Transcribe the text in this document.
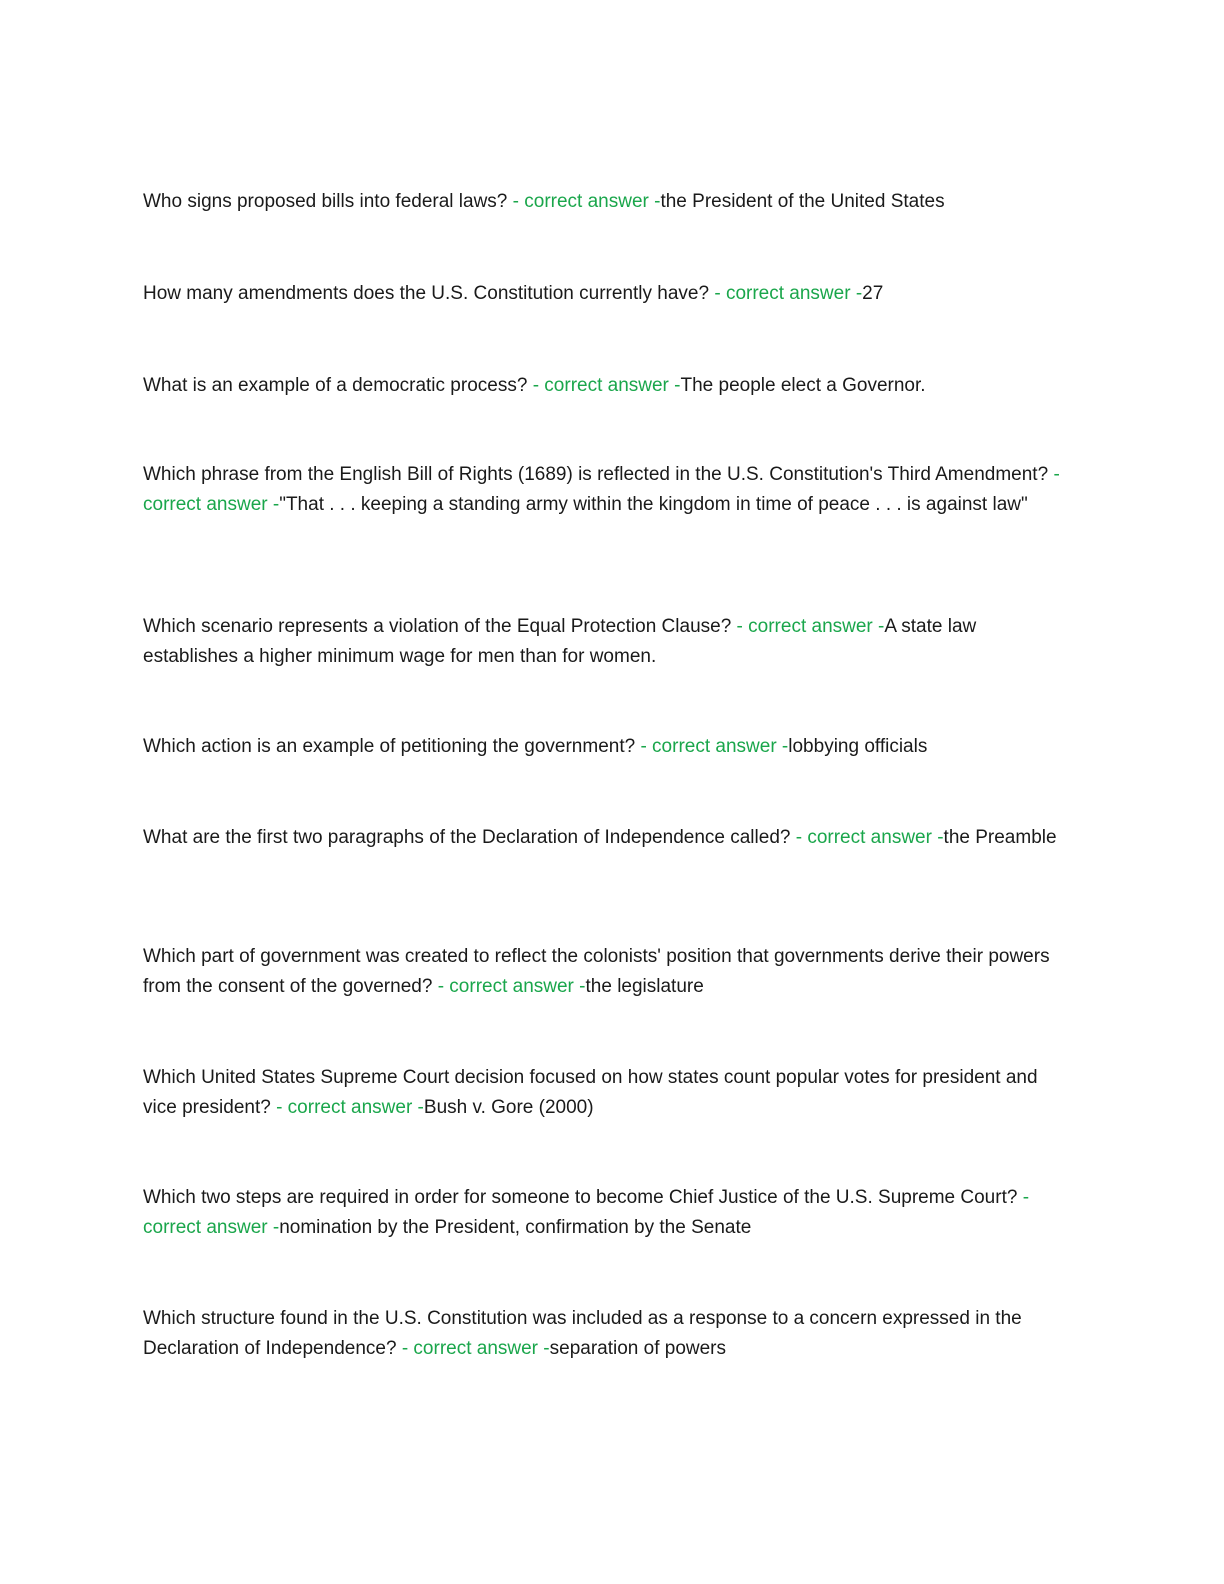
Who signs proposed bills into federal laws? - correct answer -the President of the United States

How many amendments does the U.S. Constitution currently have? - correct answer -27

What is an example of a democratic process? - correct answer -The people elect a Governor.

Which phrase from the English Bill of Rights (1689) is reflected in the U.S. Constitution's Third Amendment? - correct answer -"That . . . keeping a standing army within the kingdom in time of peace . . . is against law"

Which scenario represents a violation of the Equal Protection Clause? - correct answer -A state law establishes a higher minimum wage for men than for women.

Which action is an example of petitioning the government? - correct answer -lobbying officials

What are the first two paragraphs of the Declaration of Independence called? - correct answer -the Preamble

Which part of government was created to reflect the colonists' position that governments derive their powers from the consent of the governed? - correct answer -the legislature

Which United States Supreme Court decision focused on how states count popular votes for president and vice president? - correct answer -Bush v. Gore (2000)

Which two steps are required in order for someone to become Chief Justice of the U.S. Supreme Court? - correct answer -nomination by the President, confirmation by the Senate

Which structure found in the U.S. Constitution was included as a response to a concern expressed in the Declaration of Independence? - correct answer -separation of powers
